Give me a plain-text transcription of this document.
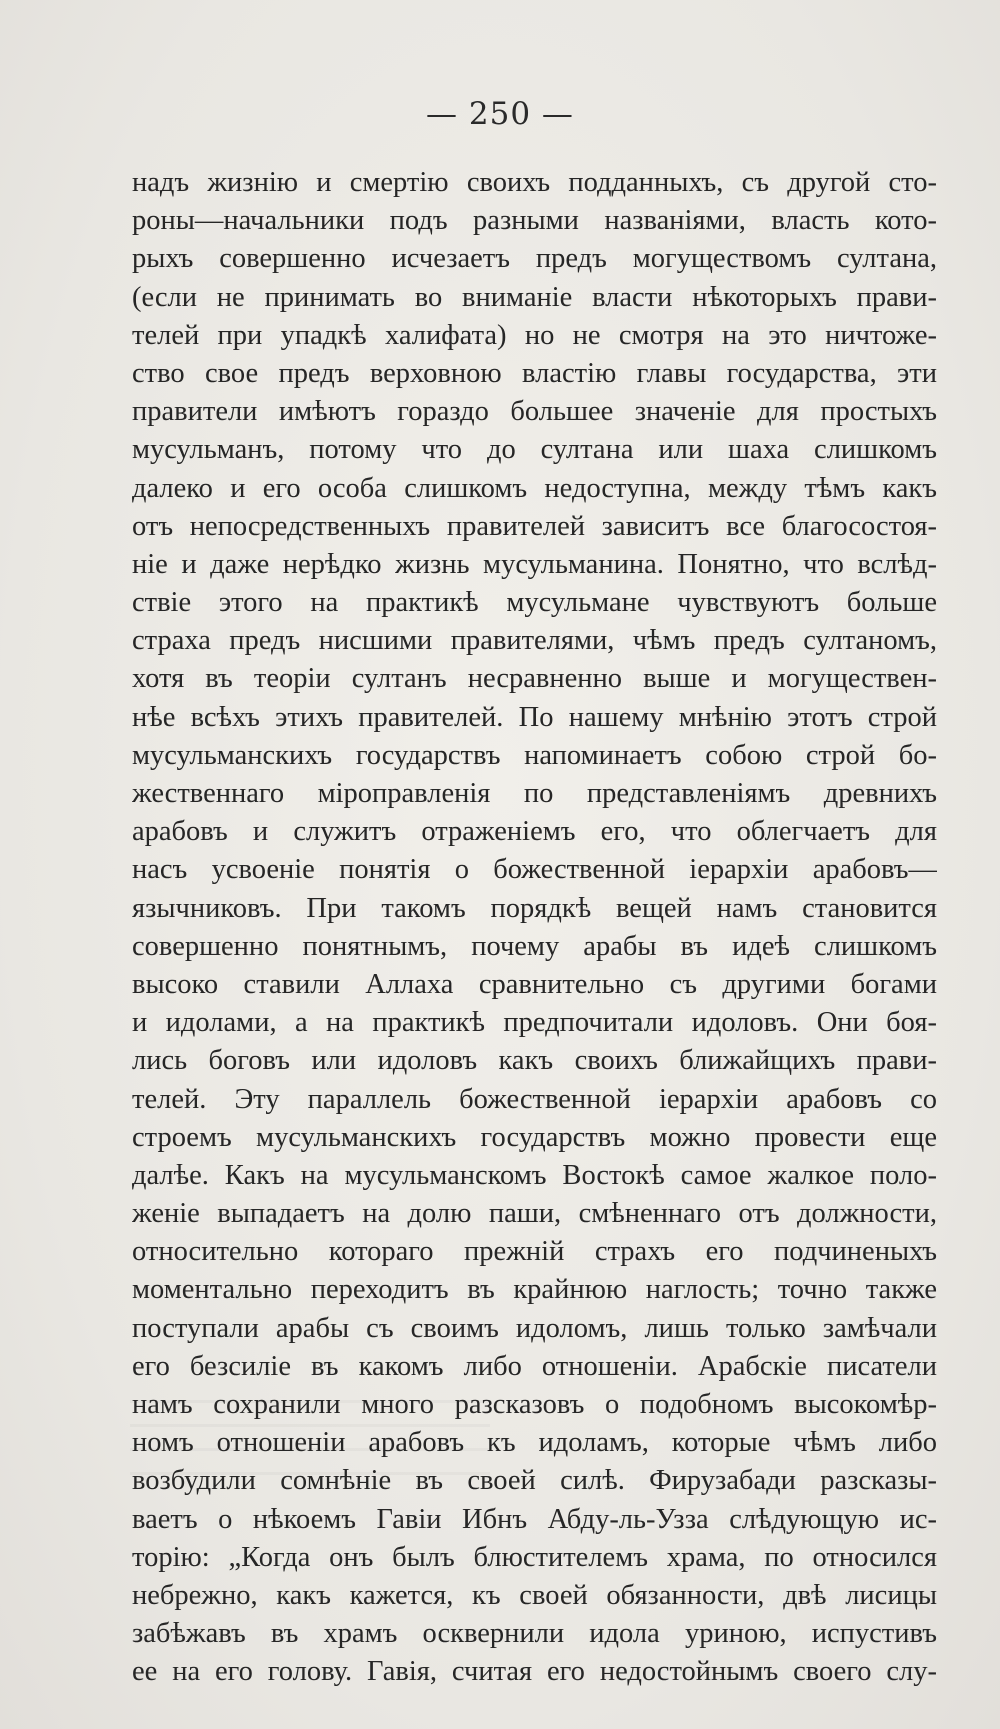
— 250 —
надъ жизнію и смертію своихъ подданныхъ, съ другой сто-
роны—начальники подъ разными названіями, власть кото-
рыхъ совершенно исчезаетъ предъ могуществомъ султана,
(если не принимать во вниманіе власти нѣкоторыхъ прави-
телей при упадкѣ халифата) но не смотря на это ничтоже-
ство свое предъ верховною властію главы государства, эти
правители имѣютъ гораздо большее значеніе для простыхъ
мусульманъ, потому что до султана или шаха слишкомъ
далеко и его особа слишкомъ недоступна, между тѣмъ какъ
отъ непосредственныхъ правителей зависитъ все благосостоя-
ніе и даже нерѣдко жизнь мусульманина. Понятно, что вслѣд-
ствіе этого на практикѣ мусульмане чувствуютъ больше
страха предъ нисшими правителями, чѣмъ предъ султаномъ,
хотя въ теоріи султанъ несравненно выше и могуществен-
нѣе всѣхъ этихъ правителей. По нашему мнѣнію этотъ строй
мусульманскихъ государствъ напоминаетъ собою строй бо-
жественнаго міроправленія по представленіямъ древнихъ
арабовъ и служитъ отраженіемъ его, что облегчаетъ для
насъ усвоеніе понятія о божественной іерархіи арабовъ—
язычниковъ. При такомъ порядкѣ вещей намъ становится
совершенно понятнымъ, почему арабы въ идеѣ слишкомъ
высоко ставили Аллаха сравнительно съ другими богами
и идолами, а на практикѣ предпочитали идоловъ. Они боя-
лись боговъ или идоловъ какъ своихъ ближайщихъ прави-
телей. Эту параллель божественной іерархіи арабовъ со
строемъ мусульманскихъ государствъ можно провести еще
далѣе. Какъ на мусульманскомъ Востокѣ самое жалкое поло-
женіе выпадаетъ на долю паши, смѣненнаго отъ должности,
относительно котораго прежній страхъ его подчиненыхъ
моментально переходитъ въ крайнюю наглость; точно также
поступали арабы съ своимъ идоломъ, лишь только замѣчали
его безсиліе въ какомъ либо отношеніи. Арабскіе писатели
намъ сохранили много разсказовъ о подобномъ высокомѣр-
номъ отношеніи арабовъ къ идоламъ, которые чѣмъ либо
возбудили сомнѣніе въ своей силѣ. Фирузабади разсказы-
ваетъ о нѣкоемъ Гавіи Ибнъ Абду-ль-Узза слѣдующую ис-
торію: „Когда онъ былъ блюстителемъ храма, по относился
небрежно, какъ кажется, къ своей обязанности, двѣ лисицы
забѣжавъ въ храмъ осквернили идола уриною, испустивъ
ее на его голову. Гавія, считая его недостойнымъ своего слу-
